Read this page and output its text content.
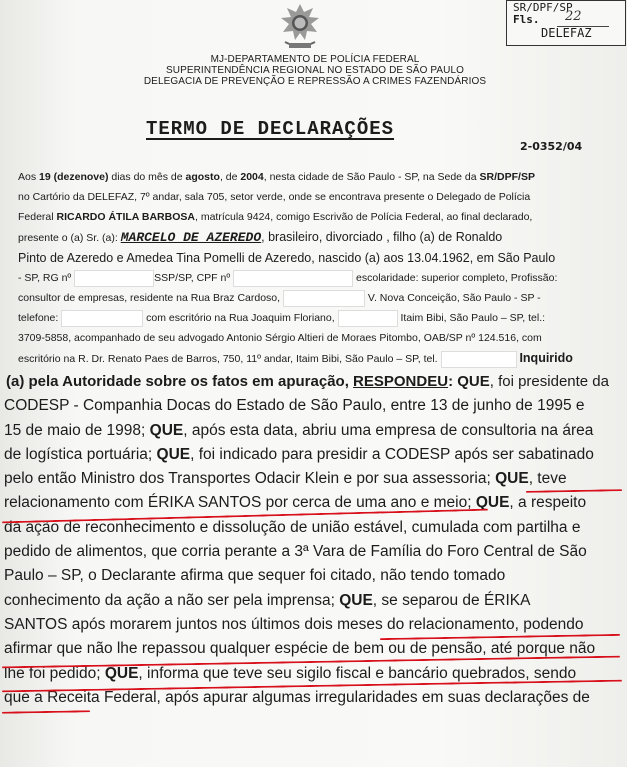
SR/DPF/SP
Fls. 22
DELEFAZ
MJ-DEPARTAMENTO DE POLÍCIA FEDERAL
SUPERINTENDÊNCIA REGIONAL NO ESTADO DE SÃO PAULO
DELEGACIA DE PREVENÇÃO E REPRESSÃO A CRIMES FAZENDÁRIOS
TERMO DE DECLARAÇÕES
2-0352/04

Aos 19 (dezenove) dias do mês de agosto, de 2004, nesta cidade de São Paulo - SP, na Sede da SR/DPF/SP

no Cartório da DELEFAZ, 7º andar, sala 705, setor verde, onde se encontrava presente o Delegado de Polícia

Federal RICARDO ÁTILA BARBOSA, matrícula 9424, comigo Escrivão de Polícia Federal, ao final declarado,

presente o (a) Sr. (a): MARCELO DE AZEREDO, brasileiro, divorciado , filho (a) de Ronaldo

Pinto de Azeredo e Amedea Tina Pomelli de Azeredo, nascido (a) aos 13.04.1962, em São Paulo

- SP, RG nº	SSP/SP, CPF nº	escolaridade: superior completo, Profissão:

consultor de empresas, residente na Rua Braz Cardoso,	V. Nova Conceição, São Paulo - SP -

telefone:	com escritório na Rua Joaquim Floriano,	Itaim Bibi, São Paulo – SP, tel.:

3709-5858, acompanhado de seu advogado Antonio Sérgio Altieri de Moraes Pitombo, OAB/SP nº 124.516, com

escritório na R. Dr. Renato Paes de Barros, 750, 11º andar, Itaim Bibi, São Paulo – SP, tel.	Inquirido

(a) pela Autoridade sobre os fatos em apuração, RESPONDEU: QUE, foi presidente da

CODESP - Companhia Docas do Estado de São Paulo, entre 13 de junho de 1995 e

15 de maio de 1998; QUE, após esta data, abriu uma empresa de consultoria na área

de logística portuária; QUE, foi indicado para presidir a CODESP após ser sabatinado

pelo então Ministro dos Transportes Odacir Klein e por sua assessoria; QUE, teve

relacionamento com ÉRIKA SANTOS por cerca de uma ano e meio; QUE, a respeito

da ação de reconhecimento e dissolução de união estável, cumulada com partilha e

pedido de alimentos, que corria perante a 3ª Vara de Família do Foro Central de São

Paulo – SP, o Declarante afirma que sequer foi citado, não tendo tomado

conhecimento da ação a não ser pela imprensa; QUE, se separou de ÉRIKA

SANTOS após morarem juntos nos últimos dois meses do relacionamento, podendo

afirmar que não lhe repassou qualquer espécie de bem ou de pensão, até porque não

lhe foi pedido; QUE, informa que teve seu sigilo fiscal e bancário quebrados, sendo

que a Receita Federal, após apurar algumas irregularidades em suas declarações de
